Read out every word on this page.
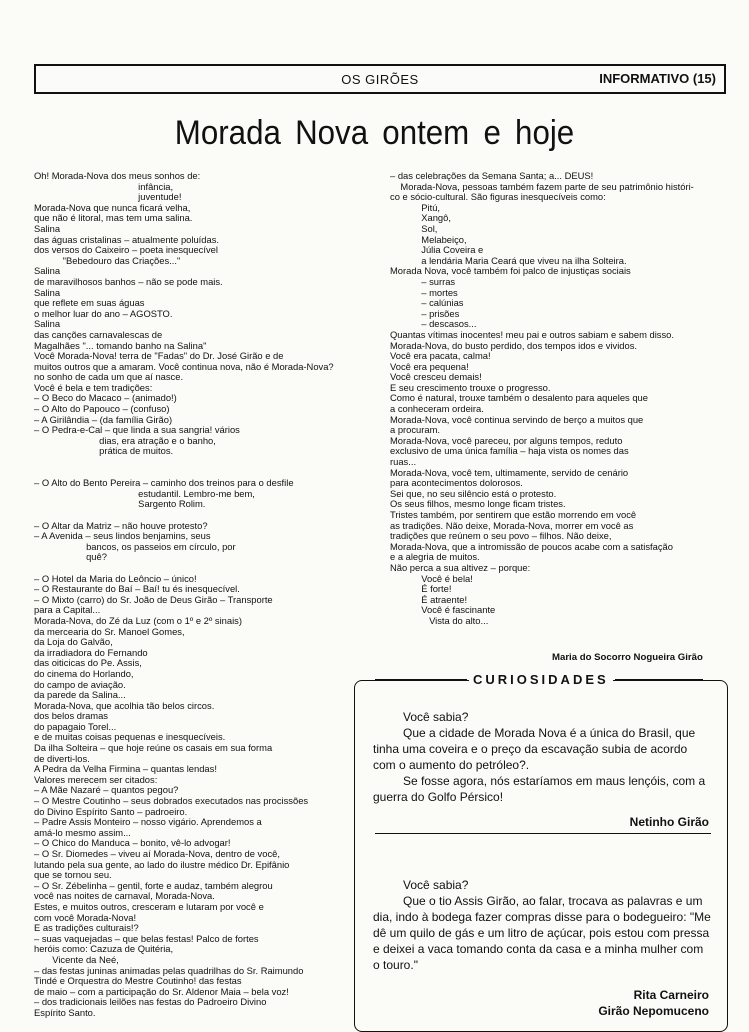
OS GIRÕES	INFORMATIVO (15)
Morada Nova ontem e hoje
Oh! Morada-Nova dos meus sonhos de:
infância,
juventude!
Morada-Nova que nunca ficará velha,
que não é litoral, mas tem uma salina.
Salina
das águas cristalinas – atualmente poluídas.
dos versos do Caixeiro – poeta inesquecível
"Bebedouro das Criações..."
Salina
de maravilhosos banhos – não se pode mais.
Salina
que reflete em suas águas
o melhor luar do ano – AGOSTO.
Salina
das canções carnavalescas de
Magalhães "... tomando banho na Salina"
Você Morada-Nova! terra de "Fadas" do Dr. José Girão e de
muitos outros que a amaram. Você continua nova, não é Morada-Nova?
no sonho de cada um que aí nasce.
Você é bela e tem tradições:
– O Beco do Macaco – (animado!)
– O Alto do Papouco – (confuso)
– A Girilândia – (da família Girão)
– O Pedra-e-Cal – que linda a sua sangria! vários
dias, era atração e o banho,
prática de muitos.
– O Alto do Bento Pereira – caminho dos treinos para o desfile
estudantil. Lembro-me bem,
Sargento Rolim.
– O Altar da Matriz – não houve protesto?
– A Avenida – seus lindos benjamins, seus
bancos, os passeios em círculo, por
quê?
– O Hotel da Maria do Leôncio – único!
– O Restaurante do Baí – Baí! tu és inesquecível.
– O Mixto (carro) do Sr. João de Deus Girão – Transporte
para a Capital...
Morada-Nova, do Zé da Luz (com o 1º e 2º sinais)
da mercearia do Sr. Manoel Gomes,
da Loja do Galvão,
da irradiadora do Fernando
das oiticicas do Pe. Assis,
do cinema do Horlando,
do campo de aviação.
da parede da Salina...
Morada-Nova, que acolhia tão belos circos.
dos belos dramas
do papagaio Torel...
e de muitas coisas pequenas e inesquecíveis.
Da ilha Solteira – que hoje reúne os casais em sua forma
de diverti-los.
A Pedra da Velha Firmina – quantas lendas!
Valores merecem ser citados:
– A Mãe Nazaré – quantos pegou?
– O Mestre Coutinho – seus dobrados executados nas procissões
do Divino Espírito Santo – padroeiro.
– Padre Assis Monteiro – nosso vigário. Aprendemos a
amá-lo mesmo assim...
– O Chico do Manduca – bonito, vê-lo advogar!
– O Sr. Diomedes – viveu aí Morada-Nova, dentro de você,
lutando pela sua gente, ao lado do ilustre médico Dr. Epifânio
que se tornou seu.
– O Sr. Zébelinha – gentil, forte e audaz, também alegrou
você nas noites de carnaval, Morada-Nova.
Estes, e muitos outros, cresceram e lutaram por você e
com você Morada-Nova!
E as tradições culturais!?
– suas vaquejadas – que belas festas! Palco de fortes
heróis como: Cazuza de Quitéria,
Vicente da Neé,
– das festas juninas animadas pelas quadrilhas do Sr. Raimundo
Tindé e Orquestra do Mestre Coutinho! das festas
de maio – com a participação do Sr. Aldenor Maia – bela voz!
– dos tradicionais leilões nas festas do Padroeiro Divino
Espírito Santo.
– das celebrações da Semana Santa; a... DEUS!
Morada-Nova, pessoas também fazem parte de seu patrimônio históri-
co e sócio-cultural. São figuras inesquecíveis como:
Pitú,
Xangô,
Sol,
Melabeiço,
Júlia Coveira e
a lendária Maria Ceará que viveu na ilha Solteira.
Morada Nova, você também foi palco de injustiças sociais
– surras
– mortes
– calúnias
– prisões
– descasos...
Quantas vítimas inocentes! meu pai e outros sabiam e sabem disso.
Morada-Nova, do busto perdido, dos tempos idos e vividos.
Você era pacata, calma!
Você era pequena!
Você cresceu demais!
E seu crescimento trouxe o progresso.
Como é natural, trouxe também o desalento para aqueles que
a conheceram ordeira.
Morada-Nova, você continua servindo de berço a muitos que
a procuram.
Morada-Nova, você pareceu, por alguns tempos, reduto
exclusivo de uma única família – haja vista os nomes das
ruas...
Morada-Nova, você tem, ultimamente, servido de cenário
para acontecimentos dolorosos.
Sei que, no seu silêncio está o protesto.
Os seus filhos, mesmo longe ficam tristes.
Tristes também, por sentirem que estão morrendo em você
as tradições. Não deixe, Morada-Nova, morrer em você as
tradições que reúnem o seu povo – filhos. Não deixe,
Morada-Nova, que a intromissão de poucos acabe com a satisfação
e a alegria de muitos.
Não perca a sua altivez – porque:
Você é bela!
É forte!
É atraente!
Você é fascinante
Vista do alto...
Maria do Socorro Nogueira Girão
CURIOSIDADES

Você sabia?

Que a cidade de Morada Nova é a única do Brasil, que tinha uma coveira e o preço da escavação subia de acordo com o aumento do petróleo?.

Se fosse agora, nós estaríamos em maus lençóis, com a guerra do Golfo Pérsico!

Netinho Girão

Você sabia?

Que o tio Assis Girão, ao falar, trocava as palavras e um dia, indo à bodega fazer compras disse para o bodegueiro: "Me dê um quilo de gás e um litro de açúcar, pois estou com pressa e deixei a vaca tomando conta da casa e a minha mulher com o touro."

Rita Carneiro
Girão Nepomuceno
